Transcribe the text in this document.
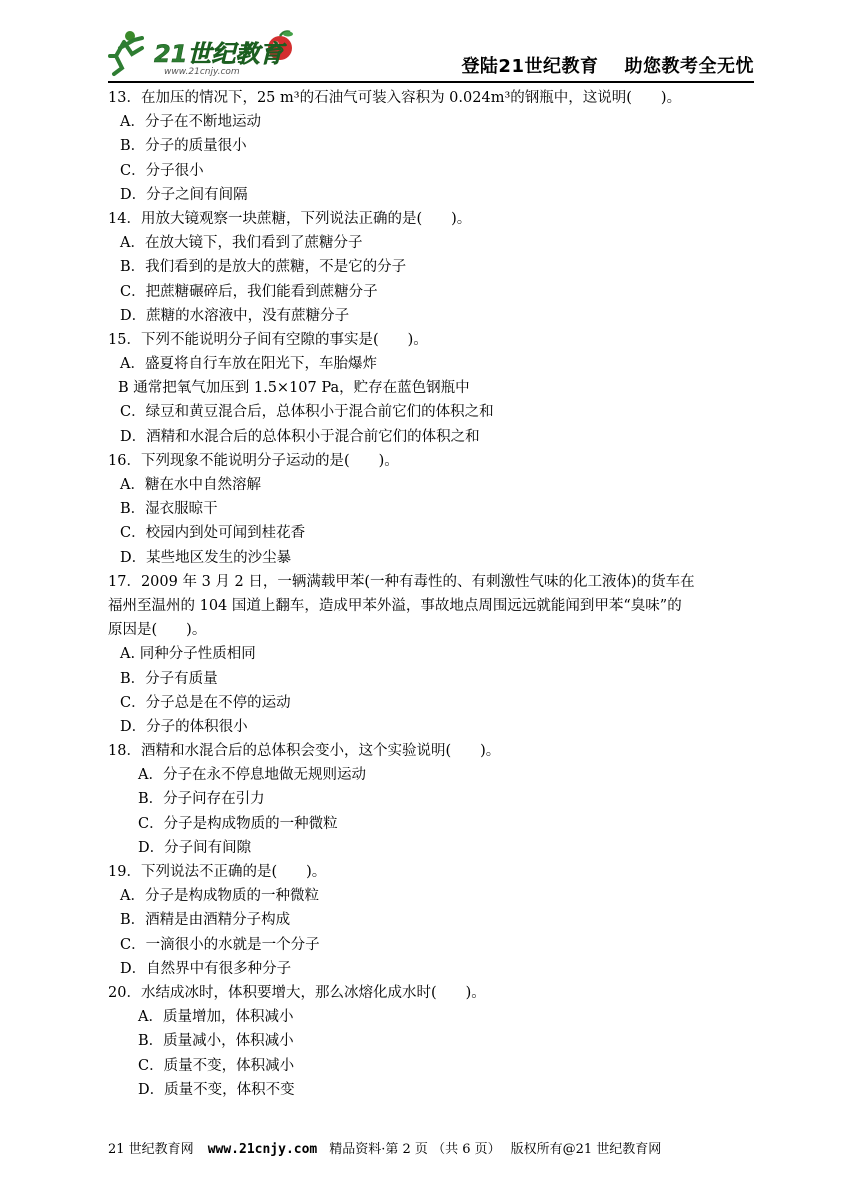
21世纪教育
www.21cnjy.com	登陆21世纪教育 助您教考全无忧
13．在加压的情况下，25 m³的石油气可装入容积为 0.024m³的钢瓶中，这说明(　　)。
A．分子在不断地运动
B．分子的质量很小
C．分子很小
D．分子之间有间隔
14．用放大镜观察一块蔗糖，下列说法正确的是(　　)。
A．在放大镜下，我们看到了蔗糖分子
B．我们看到的是放大的蔗糖，不是它的分子
C．把蔗糖碾碎后，我们能看到蔗糖分子
D．蔗糖的水溶液中，没有蔗糖分子
15．下列不能说明分子间有空隙的事实是(　　)。
A．盛夏将自行车放在阳光下，车胎爆炸
B 通常把氧气加压到 1.5×107 Pa，贮存在蓝色钢瓶中
C．绿豆和黄豆混合后，总体积小于混合前它们的体积之和
D．酒精和水混合后的总体积小于混合前它们的体积之和
16．下列现象不能说明分子运动的是(　　)。
A．糖在水中自然溶解
B．湿衣服晾干
C．校园内到处可闻到桂花香
D．某些地区发生的沙尘暴
17．2009 年 3 月 2 日，一辆满载甲苯(一种有毒性的、有刺激性气味的化工液体)的货车在
福州至温州的 104 国道上翻车，造成甲苯外溢，事故地点周围远远就能闻到甲苯“臭味”的
原因是(　　)。
A. 同种分子性质相同
B．分子有质量
C．分子总是在不停的运动
D．分子的体积很小
18．酒精和水混合后的总体积会变小，这个实验说明(　　)。
A．分子在永不停息地做无规则运动
B．分子问存在引力
C．分子是构成物质的一种微粒
D．分子间有间隙
19．下列说法不正确的是(　　)。
A．分子是构成物质的一种微粒
B．酒精是由酒精分子构成
C．一滴很小的水就是一个分子
D．自然界中有很多种分子
20．水结成冰时，体积要增大，那么冰熔化成水时(　　)。
A．质量增加，体积减小
B．质量减小，体积减小
C．质量不变，体积减小
D．质量不变，体积不变
21 世纪教育网 www.21cnjy.com 精品资料·第 2 页 （共 6 页） 版权所有@21 世纪教育网
